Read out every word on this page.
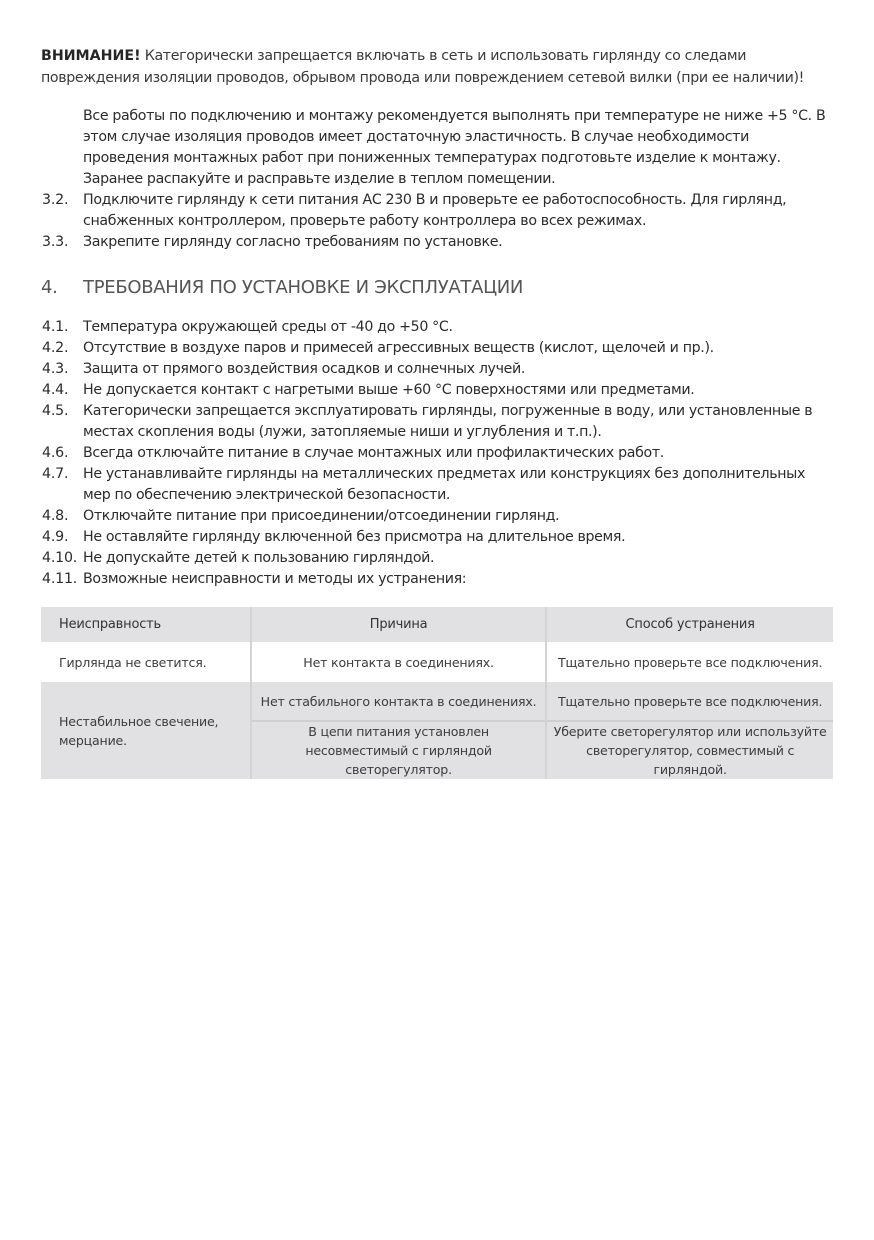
ВНИМАНИЕ! Категорически запрещается включать в сеть и использовать гирлянду со следами повреждения изоляции проводов, обрывом провода или повреждением сетевой вилки (при ее наличии)!

Все работы по подключению и монтажу рекомендуется выполнять при температуре не ниже +5 °С. В этом случае изоляция проводов имеет достаточную эластичность. В случае необходимости проведения монтажных работ при пониженных температурах подготовьте изделие к монтажу. Заранее распакуйте и расправьте изделие в теплом помещении.
3.2. Подключите гирлянду к сети питания АС 230 В и проверьте ее работоспособность. Для гирлянд, снабженных контроллером, проверьте работу контроллера во всех режимах.
3.3. Закрепите гирлянду согласно требованиям по установке.
4. ТРЕБОВАНИЯ ПО УСТАНОВКЕ И ЭКСПЛУАТАЦИИ
4.1. Температура окружающей среды от -40 до +50 °С.
4.2. Отсутствие в воздухе паров и примесей агрессивных веществ (кислот, щелочей и пр.).
4.3. Защита от прямого воздействия осадков и солнечных лучей.
4.4. Не допускается контакт с нагретыми выше +60 °С поверхностями или предметами.
4.5. Категорически запрещается эксплуатировать гирлянды, погруженные в воду, или установленные в местах скопления воды (лужи, затопляемые ниши и углубления и т.п.).
4.6. Всегда отключайте питание в случае монтажных или профилактических работ.
4.7. Не устанавливайте гирлянды на металлических предметах или конструкциях без дополнительных мер по обеспечению электрической безопасности.
4.8. Отключайте питание при присоединении/отсоединении гирлянд.
4.9. Не оставляйте гирлянду включенной без присмотра на длительное время.
4.10. Не допускайте детей к пользованию гирляндой.
4.11. Возможные неисправности и методы их устранения:
Неисправность	Причина	Способ устранения
Гирлянда не светится.	Нет контакта в соединениях.	Тщательно проверьте все подключения.

Нестабильное свечение, мерцание.	Нет стабильного контакта в соединениях.	Тщательно проверьте все подключения.

	В цепи питания установлен несовместимый с гирляндой светорегулятор.	Уберите светорегулятор или используйте светорегулятор, совместимый с гирляндой.
